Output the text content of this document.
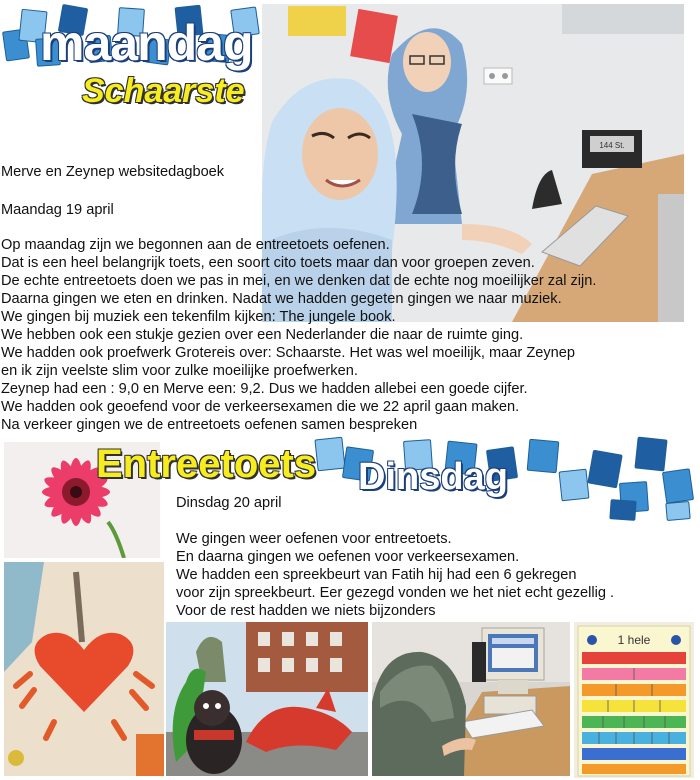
maandag
Schaarste
144 St.
Merve en Zeynep websitedagboek
Maandag 19 april
Op maandag zijn we begonnen aan de entreetoets oefenen.
Dat is een heel belangrijk toets, een soort cito toets maar dan voor groepen zeven.
De echte entreetoets doen we pas in mei, en we denken dat de echte nog moeilijker zal zijn.
Daarna gingen we eten en drinken. Nadat we hadden gegeten gingen we naar muziek.
We gingen bij muziek een tekenfilm kijken: The jungele book.
We hebben ook een stukje gezien over een Nederlander die naar de ruimte ging.
We hadden ook proefwerk Grotereis over: Schaarste. Het was wel moeilijk, maar Zeynep
en ik zijn veelste slim voor zulke moeilijke proefwerken.
Zeynep had een : 9,0 en Merve een: 9,2. Dus we hadden allebei een goede cijfer.
We hadden ook geoefend voor de verkeersexamen die we 22 april gaan maken.
Na verkeer gingen we de entreetoets oefenen samen bespreken
Entreetoets Dinsdag
Dinsdag 20 april
We gingen weer oefenen voor entreetoets.
En daarna gingen we oefenen voor verkeersexamen.
We hadden een spreekbeurt van Fatih hij had een 6 gekregen
voor zijn spreekbeurt. Eer gezegd vonden we het niet echt gezellig .
Voor de rest hadden we niets bijzonders
1 hele
